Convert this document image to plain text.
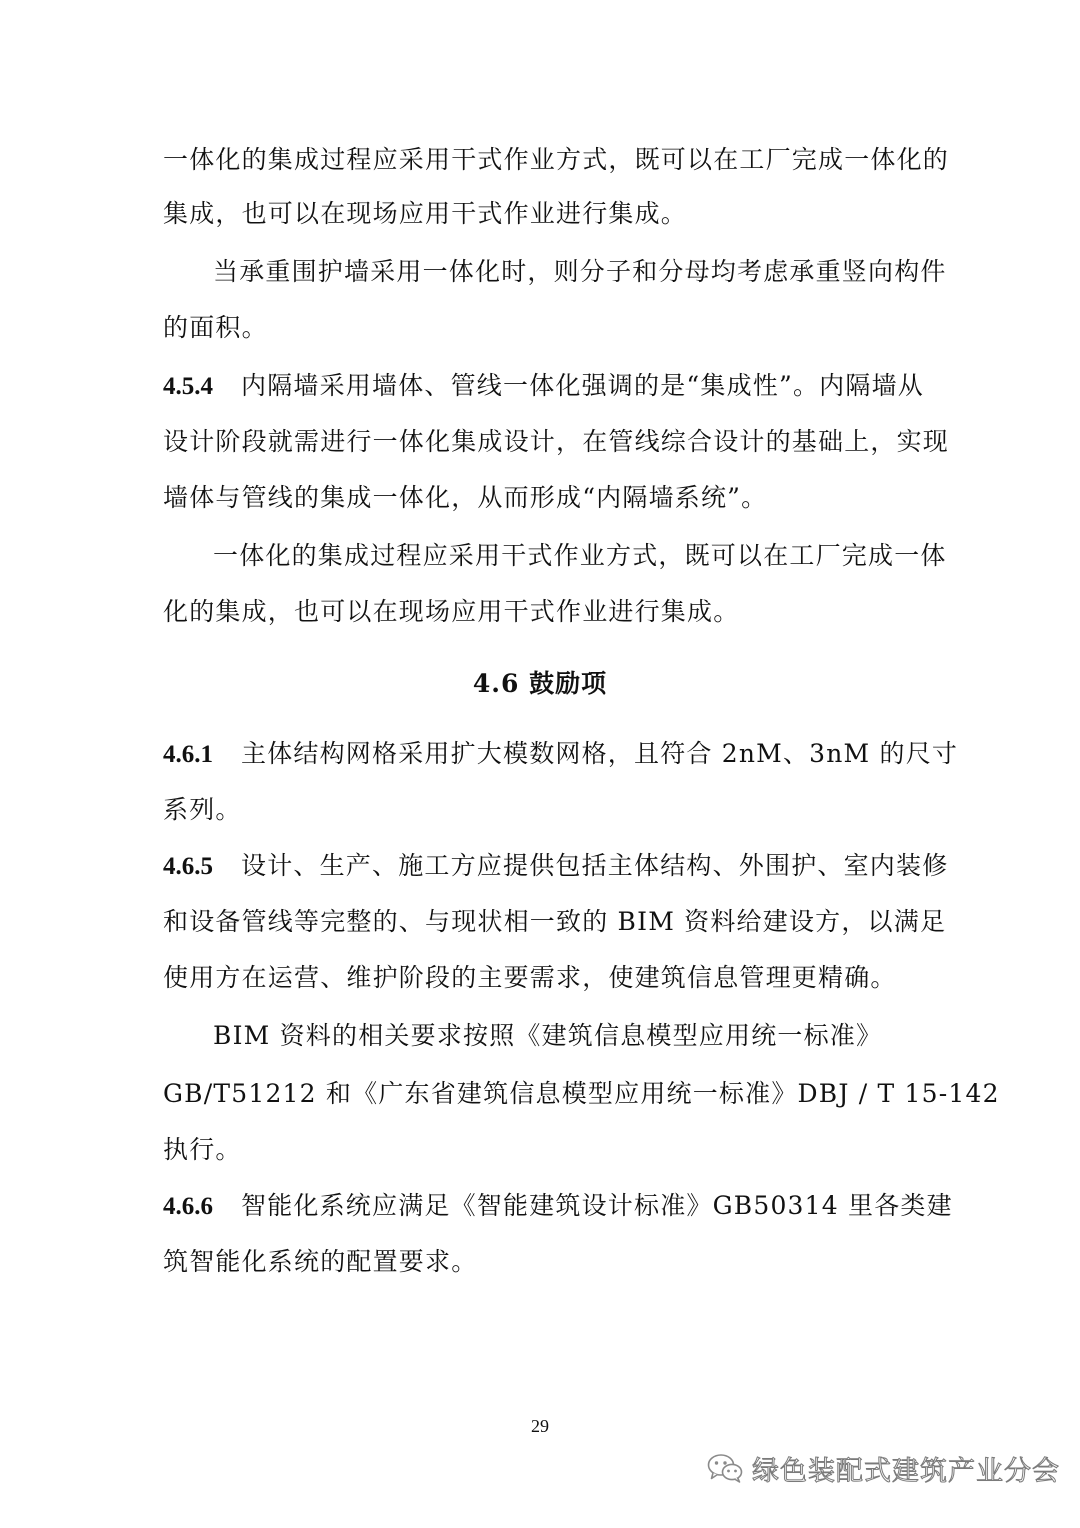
一体化的集成过程应采用干式作业方式，既可以在工厂完成一体化的
集成，也可以在现场应用干式作业进行集成。
当承重围护墙采用一体化时，则分子和分母均考虑承重竖向构件
的面积。
4.5.4 内隔墙采用墙体、管线一体化强调的是“集成性”。内隔墙从
设计阶段就需进行一体化集成设计，在管线综合设计的基础上，实现
墙体与管线的集成一体化，从而形成“内隔墙系统”。
一体化的集成过程应采用干式作业方式，既可以在工厂完成一体
化的集成，也可以在现场应用干式作业进行集成。
4.6 鼓励项
4.6.1 主体结构网格采用扩大模数网格，且符合 2nM、3nM 的尺寸
系列。
4.6.5 设计、生产、施工方应提供包括主体结构、外围护、室内装修
和设备管线等完整的、与现状相一致的 BIM 资料给建设方，以满足
使用方在运营、维护阶段的主要需求，使建筑信息管理更精确。
BIM 资料的相关要求按照《建筑信息模型应用统一标准》
GB/T51212 和《广东省建筑信息模型应用统一标准》DBJ / T 15-142
执行。
4.6.6 智能化系统应满足《智能建筑设计标准》GB50314 里各类建
筑智能化系统的配置要求。
29
绿色装配式建筑产业分会
